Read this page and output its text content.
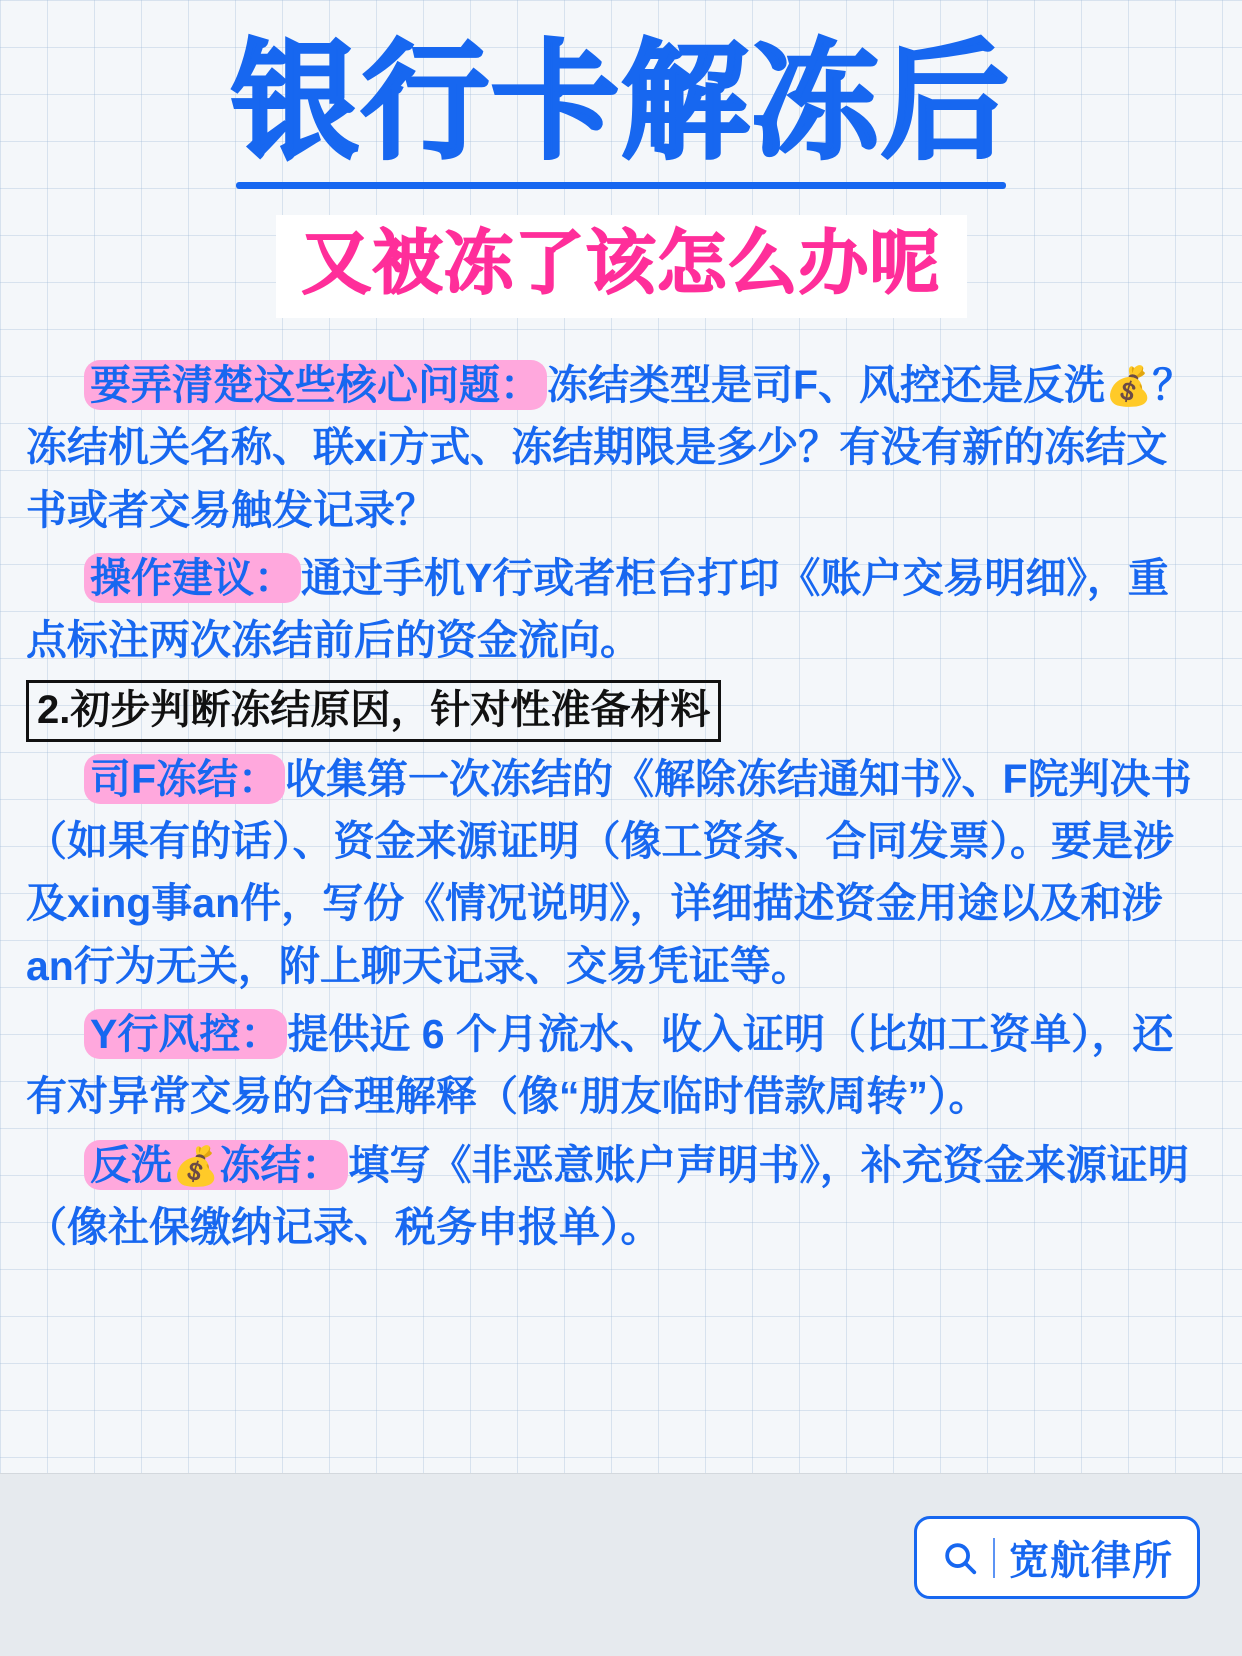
银行卡解冻后
又被冻了该怎么办呢

要弄清楚这些核心问题： 冻结类型是司F、风控还是反洗💰？冻结机关名称、联xi方式、冻结期限是多少？有没有新的冻结文书或者交易触发记录？

操作建议： 通过手机Y行或者柜台打印《账户交易明细》，重点标注两次冻结前后的资金流向。

2.初步判断冻结原因，针对性准备材料

司F冻结： 收集第一次冻结的《解除冻结通知书》、F院判决书（如果有的话）、资金来源证明（像工资条、合同发票）。要是涉及xing事an件，写份《情况说明》，详细描述资金用途以及和涉an行为无关，附上聊天记录、交易凭证等。

Y行风控： 提供近 6 个月流水、收入证明（比如工资单），还有对异常交易的合理解释（像“朋友临时借款周转”）。

反洗💰冻结： 填写《非恶意账户声明书》，补充资金来源证明（像社保缴纳记录、税务申报单）。

宽航律所
